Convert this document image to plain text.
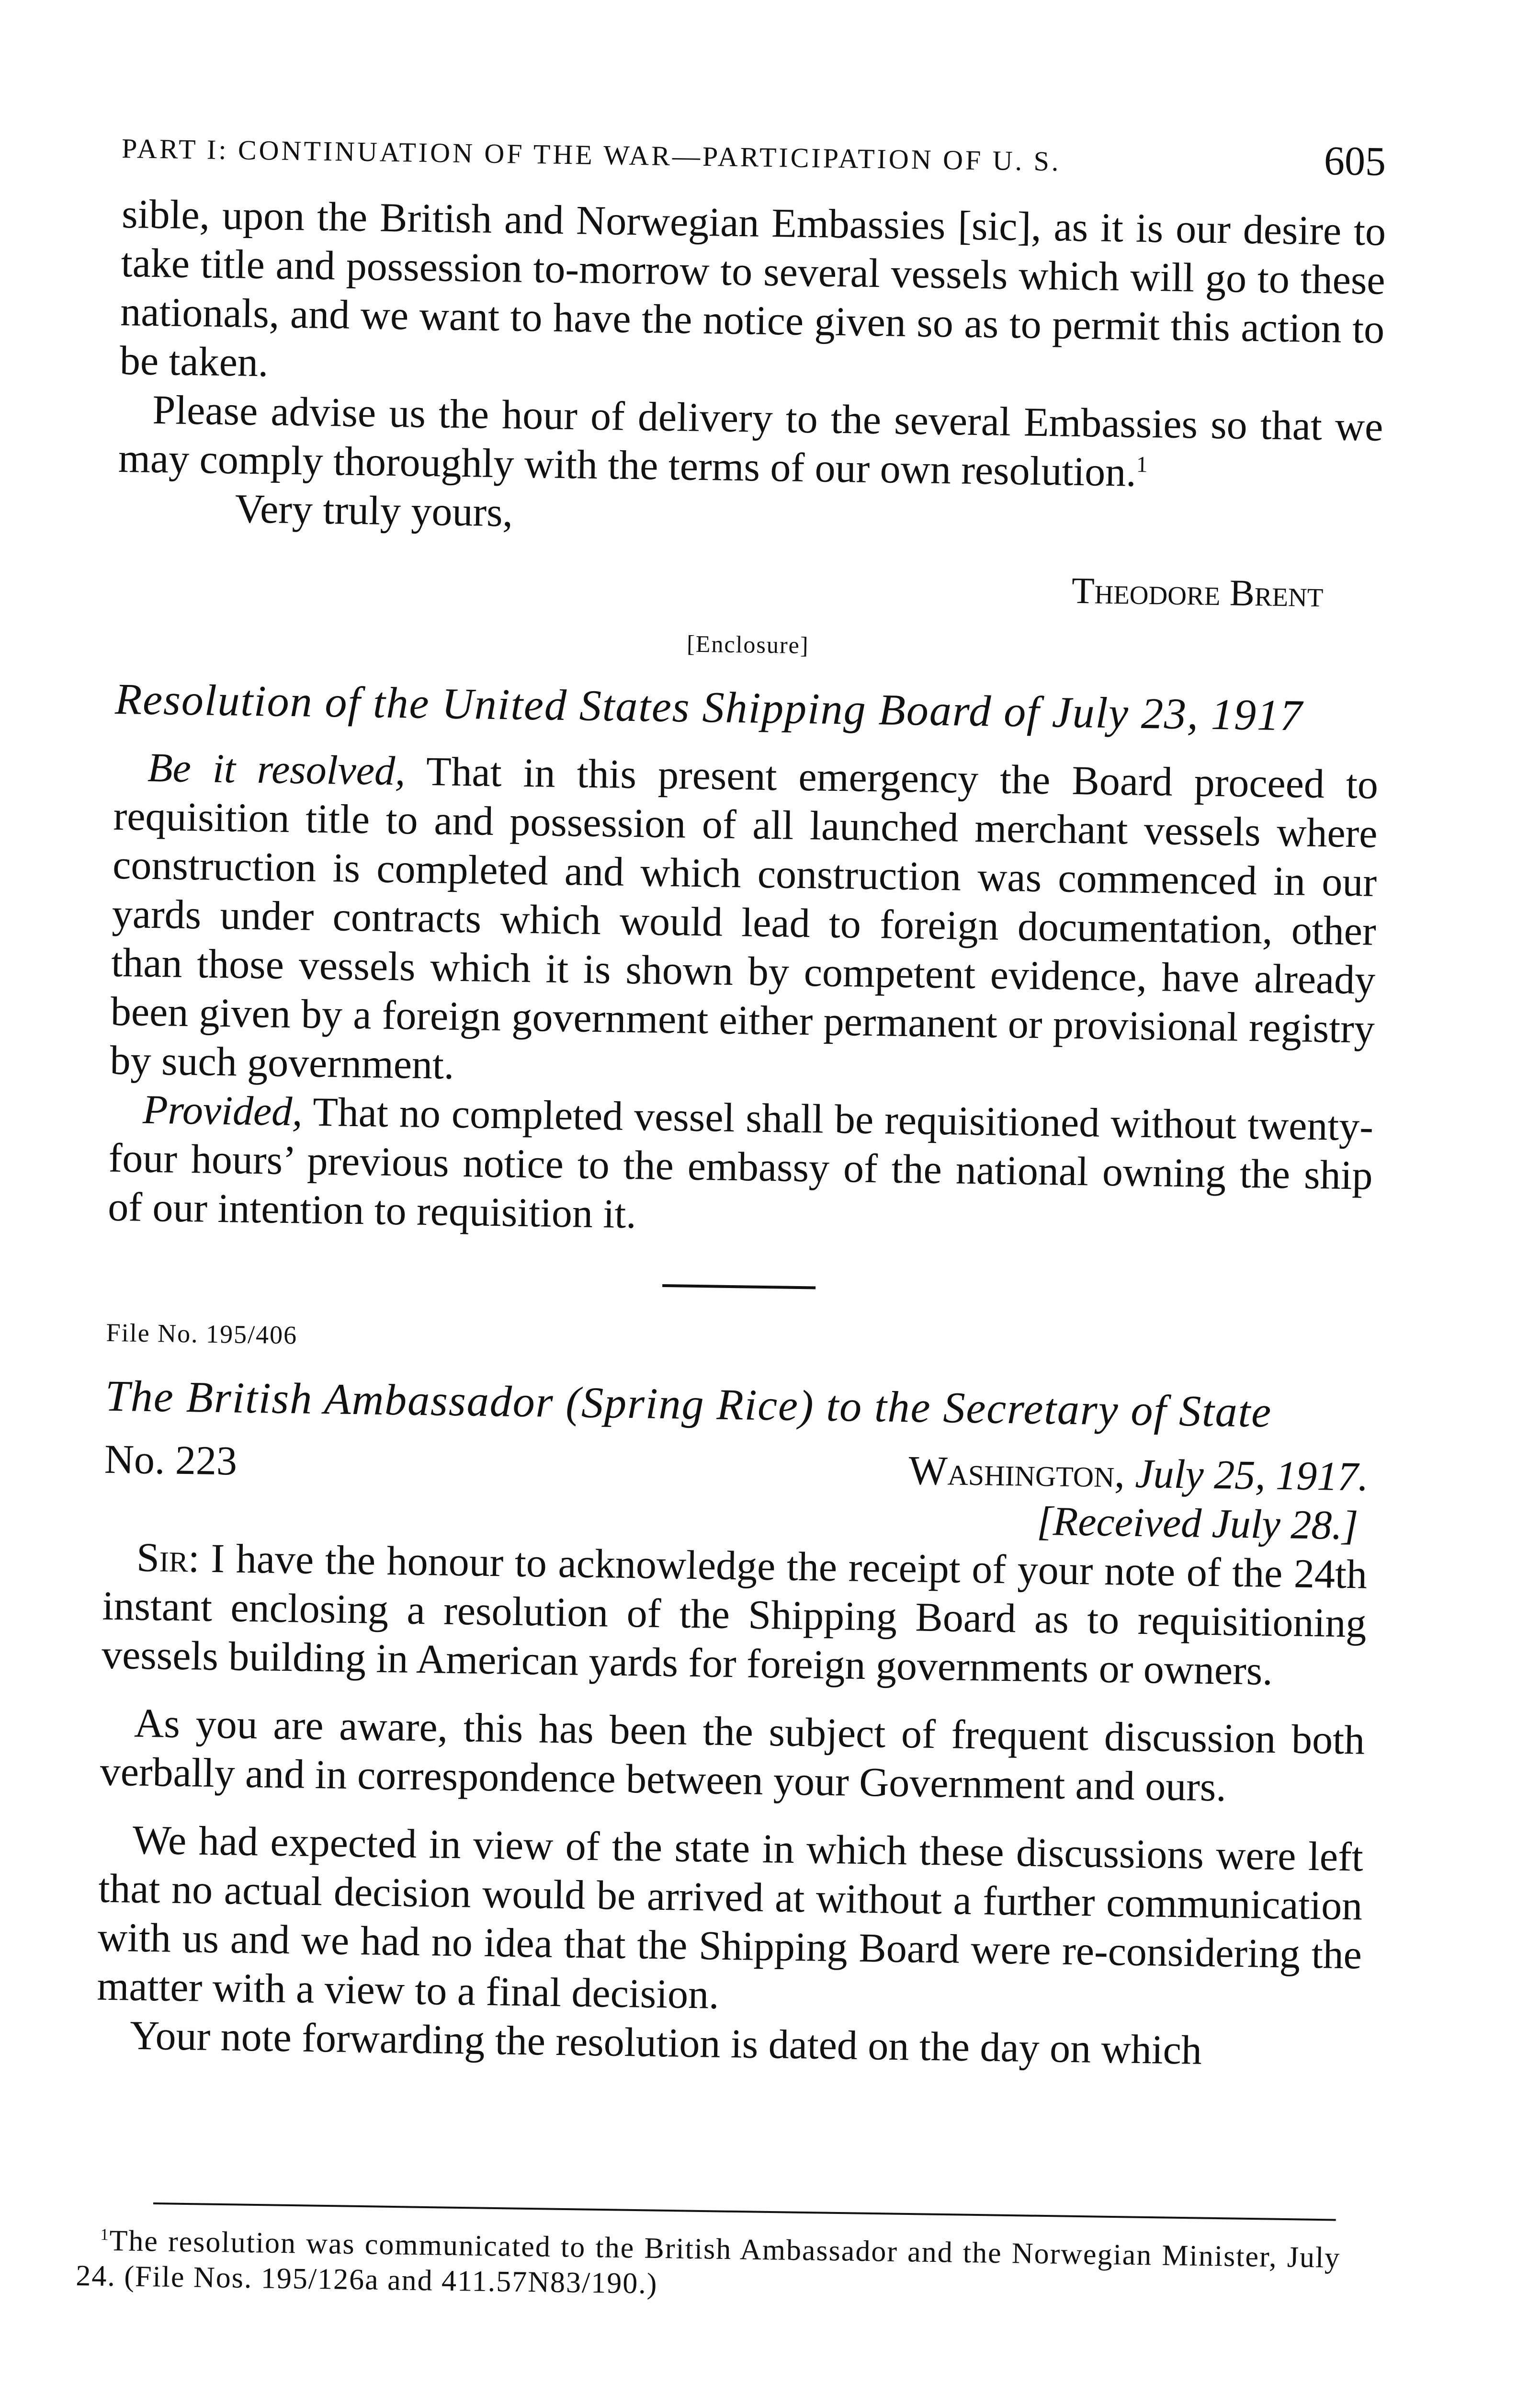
PART I: CONTINUATION OF THE WAR—PARTICIPATION OF U. S.	605

sible, upon the British and Norwegian Embassies [sic], as it is our desire to take title and possession to-morrow to several vessels which will go to these nationals, and we want to have the notice given so as to permit this action to be taken.

Please advise us the hour of delivery to the several Embassies so that we may comply thoroughly with the terms of our own resolution.$^1$

Very truly yours,

Theodore Brent

[Enclosure]

Resolution of the United States Shipping Board of July 23, 1917

Be it resolved, That in this present emergency the Board proceed to requisition title to and possession of all launched merchant vessels where construction is completed and which construction was commenced in our yards under contracts which would lead to foreign documentation, other than those vessels which it is shown by competent evidence, have already been given by a foreign government either permanent or provisional registry by such government.

Provided, That no completed vessel shall be requisitioned without twenty-four hours’ previous notice to the embassy of the national owning the ship of our intention to requisition it.

File No. 195/406

The British Ambassador (Spring Rice) to the Secretary of State

No. 223	Washington, July 25, 1917.

[Received July 28.]

Sir: I have the honour to acknowledge the receipt of your note of the 24th instant enclosing a resolution of the Shipping Board as to requisitioning vessels building in American yards for foreign governments or owners.

As you are aware, this has been the subject of frequent discussion both verbally and in correspondence between your Government and ours.

We had expected in view of the state in which these discussions were left that no actual decision would be arrived at without a further communication with us and we had no idea that the Shipping Board were re-considering the matter with a view to a final decision.

Your note forwarding the resolution is dated on the day on which

$^1$The resolution was communicated to the British Ambassador and the Norwegian Minister, July 24. (File Nos. 195/126a and 411.57N83/190.)
